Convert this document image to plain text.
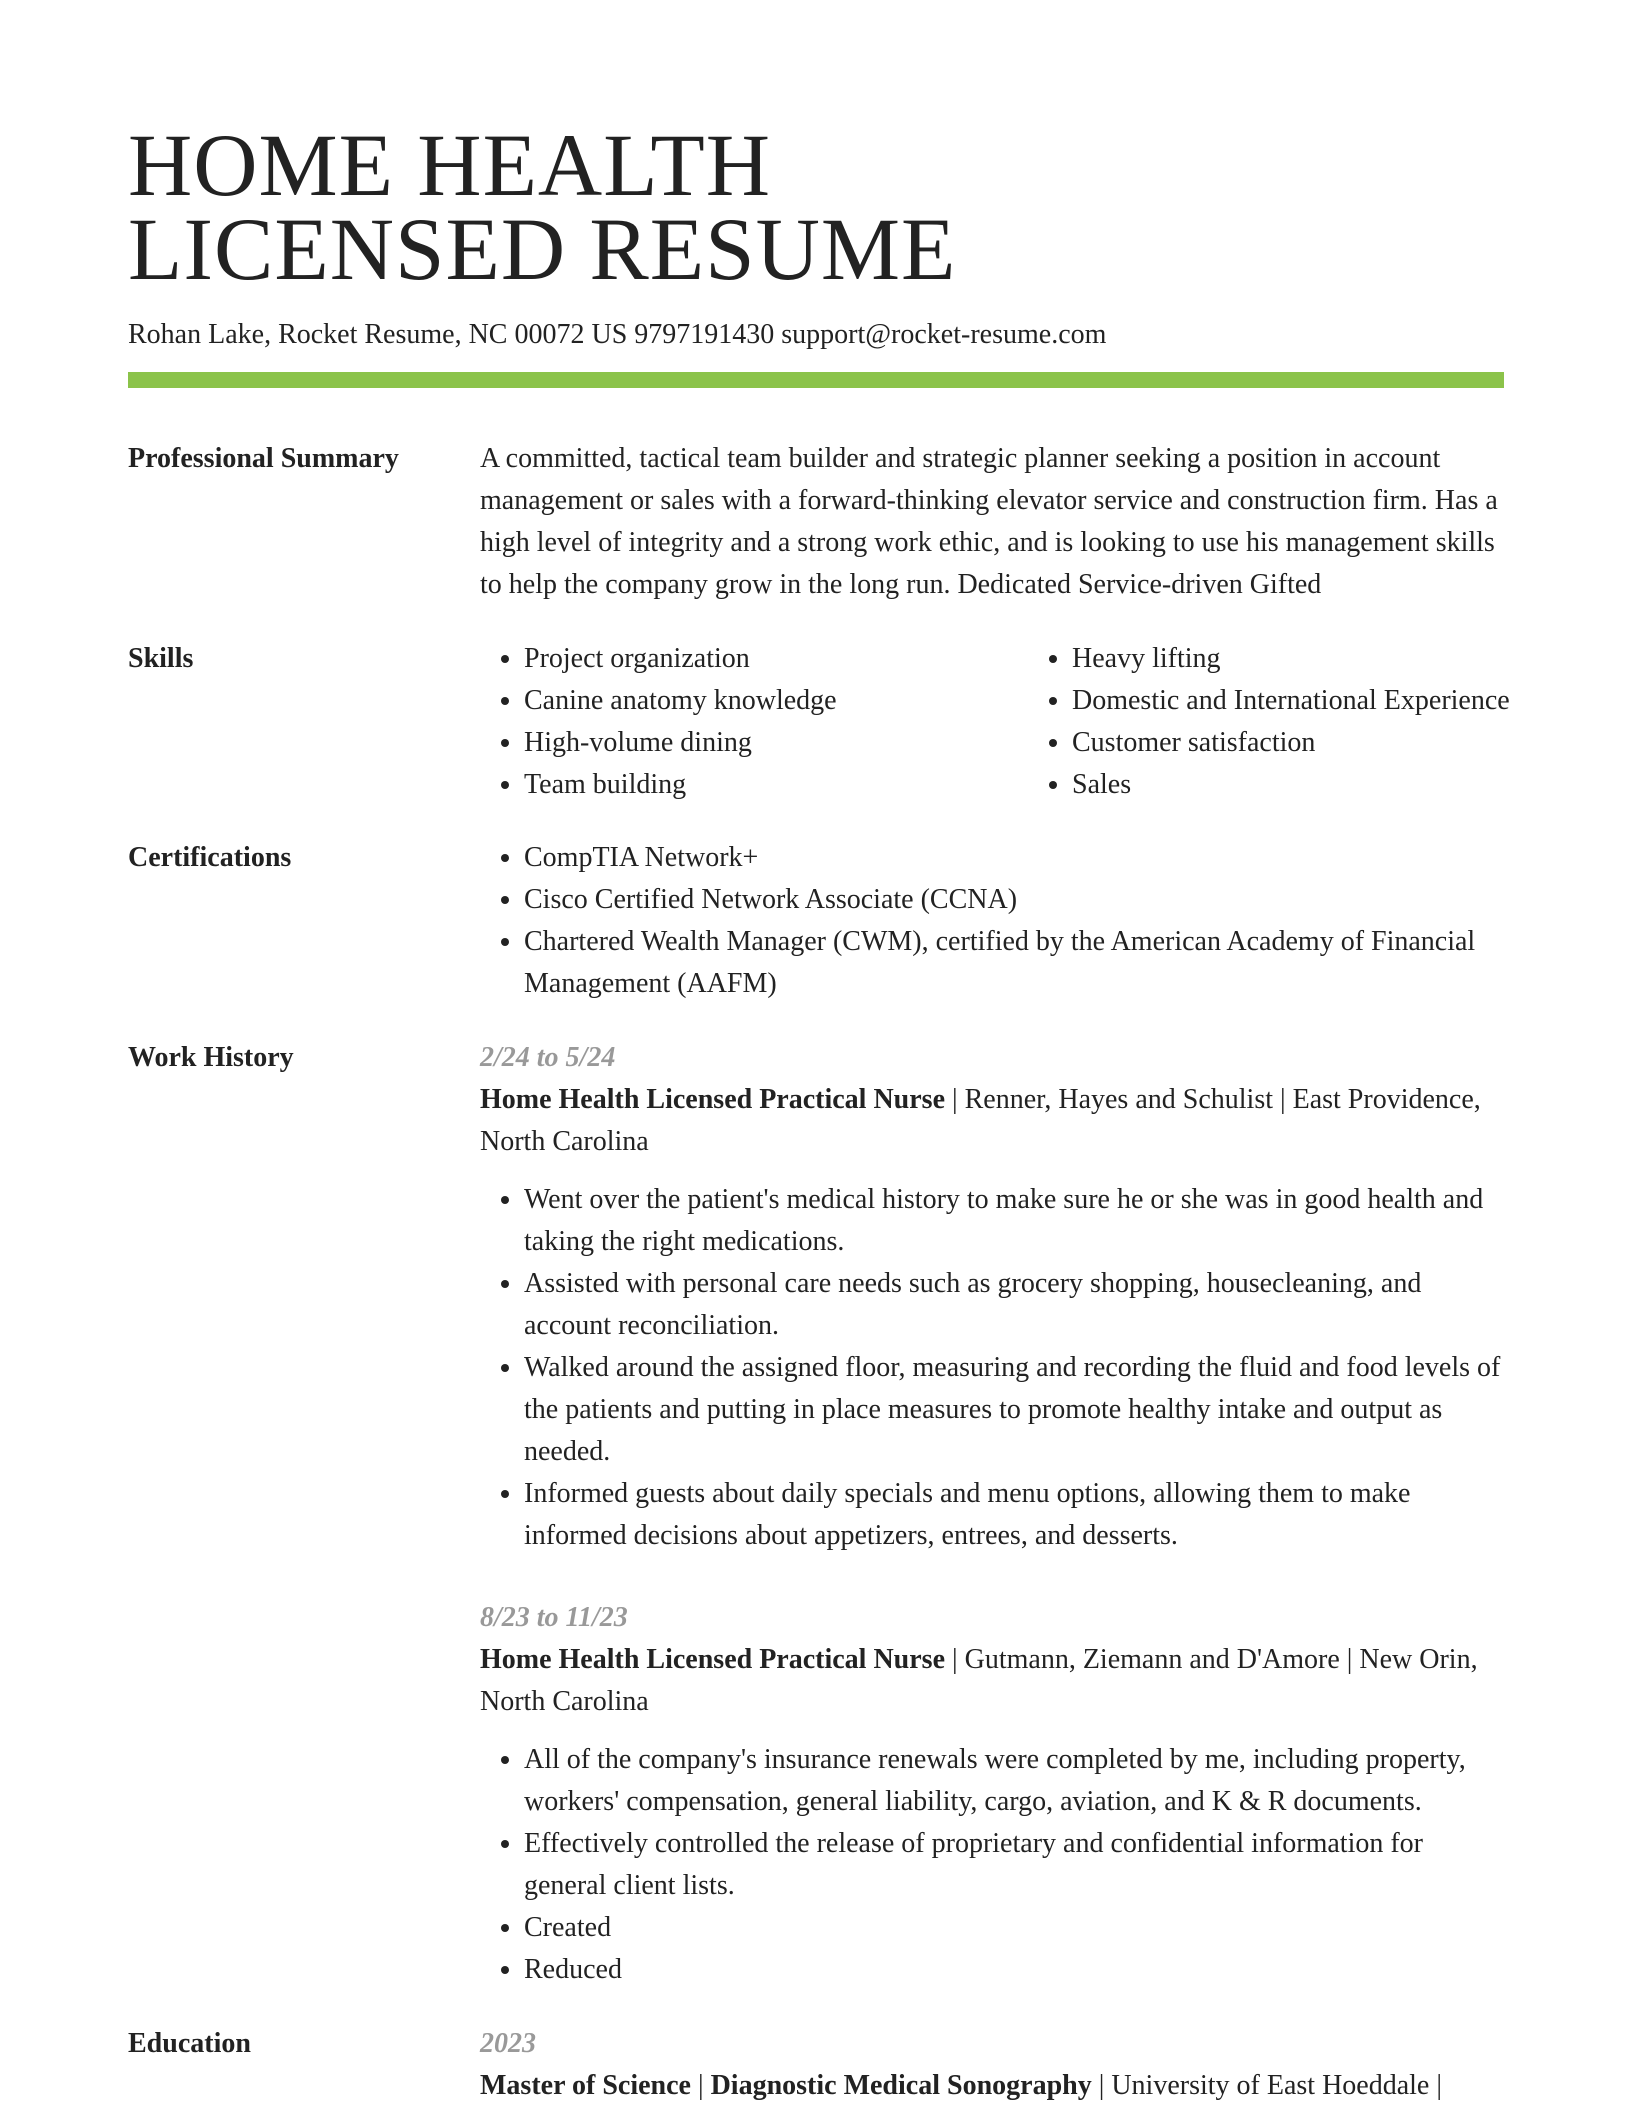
HOME HEALTH
LICENSED RESUME
Rohan Lake, Rocket Resume, NC 00072 US 9797191430 support@rocket-resume.com
Professional Summary	A committed, tactical team builder and strategic planner seeking a position in account management or sales with a forward-thinking elevator service and construction firm. Has a high level of integrity and a strong work ethic, and is looking to use his management skills to help the company grow in the long run. Dedicated Service-driven Gifted

Skills	• Project organization
• Canine anatomy knowledge
• High-volume dining
• Team building
• Heavy lifting
• Domestic and International Experience
• Customer satisfaction
• Sales
Certifications	• CompTIA Network+
• Cisco Certified Network Associate (CCNA)
• Chartered Wealth Manager (CWM), certified by the American Academy of Financial Management (AAFM)
Work History	2/24 to 5/24

Home Health Licensed Practical Nurse | Renner, Hayes and Schulist | East Providence, North Carolina

• Went over the patient's medical history to make sure he or she was in good health and taking the right medications.
• Assisted with personal care needs such as grocery shopping, housecleaning, and account reconciliation.
• Walked around the assigned floor, measuring and recording the fluid and food levels of the patients and putting in place measures to promote healthy intake and output as needed.
• Informed guests about daily specials and menu options, allowing them to make informed decisions about appetizers, entrees, and desserts.
8/23 to 11/23

Home Health Licensed Practical Nurse | Gutmann, Ziemann and D'Amore | New Orin, North Carolina

• All of the company's insurance renewals were completed by me, including property, workers' compensation, general liability, cargo, aviation, and K & R documents.
• Effectively controlled the release of proprietary and confidential information for general client lists.
• Created
• Reduced
Education	2023

Master of Science | Diagnostic Medical Sonography | University of East Hoeddale |
